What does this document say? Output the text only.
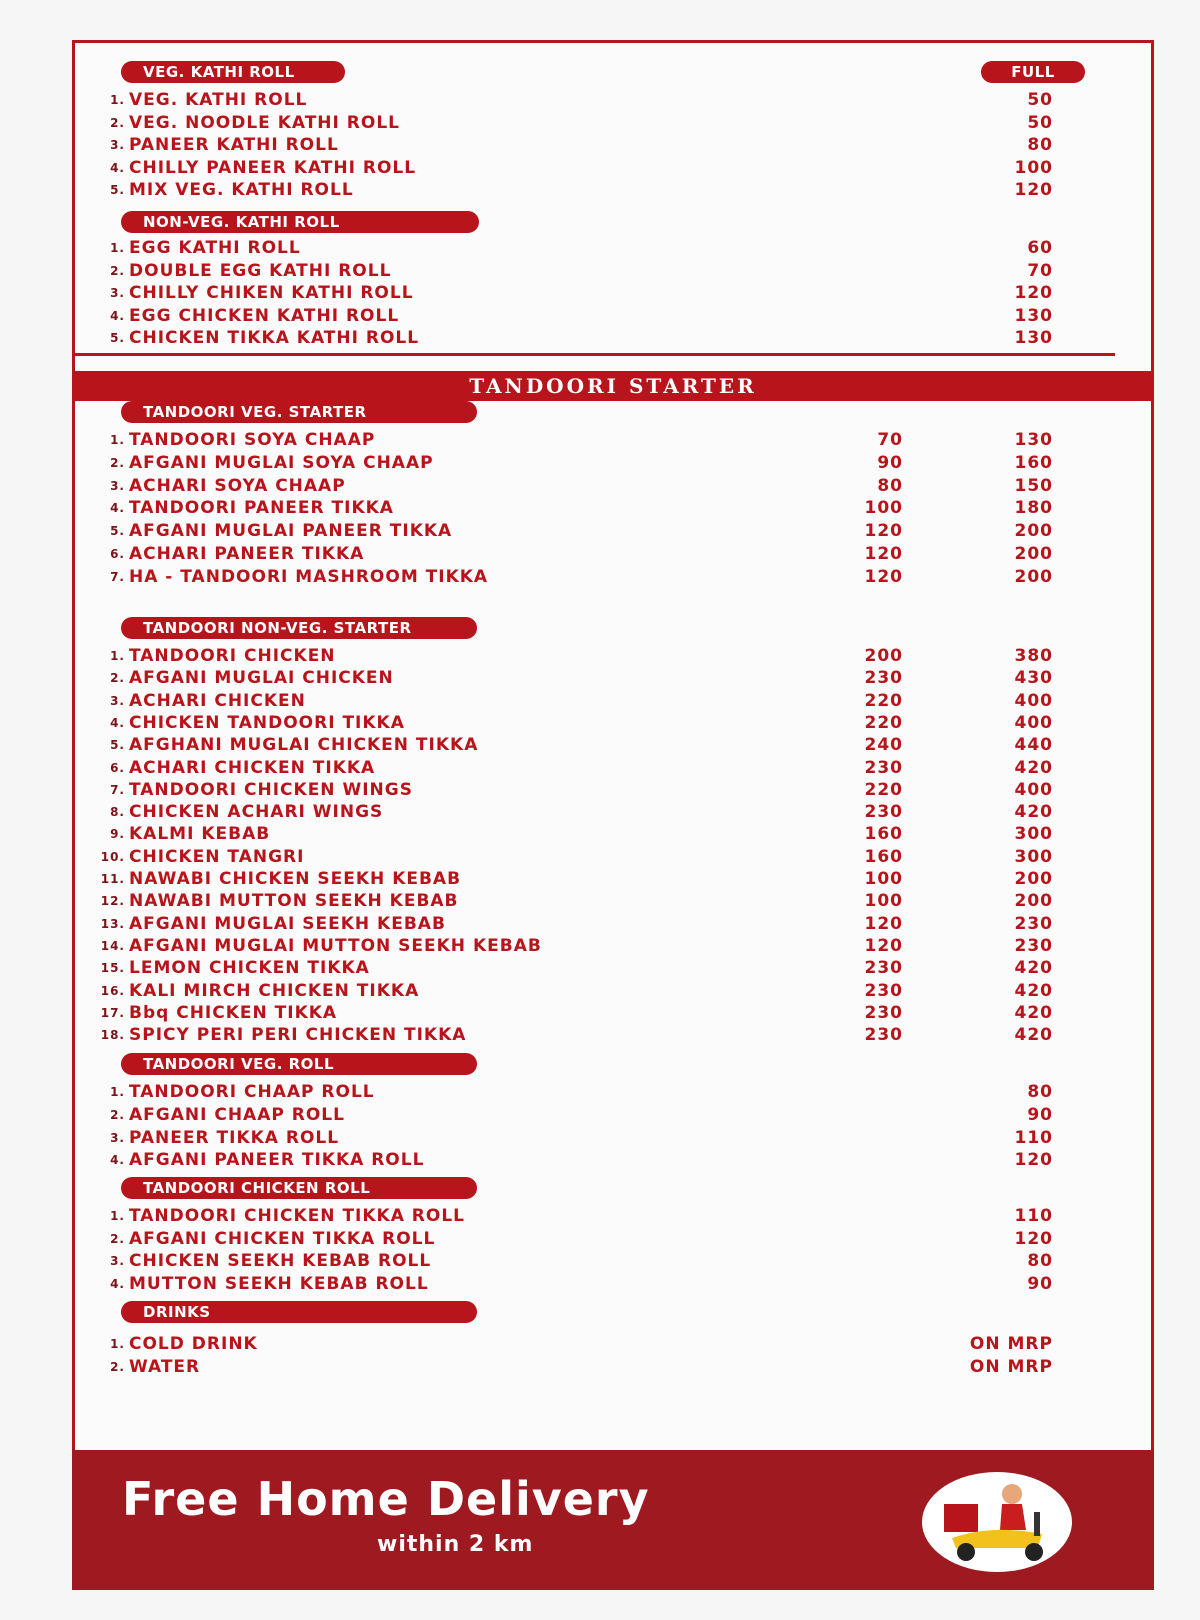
FULL
VEG. KATHI ROLL
1. VEG. KATHI ROLL	50
2. VEG. NOODLE KATHI ROLL	50
3. PANEER KATHI ROLL	80
4. CHILLY PANEER KATHI ROLL	100
5. MIX VEG. KATHI ROLL	120
NON-VEG. KATHI ROLL
1. EGG KATHI ROLL	60
2. DOUBLE EGG KATHI ROLL	70
3. CHILLY CHIKEN KATHI ROLL	120
4. EGG CHICKEN KATHI ROLL	130
5. CHICKEN TIKKA KATHI ROLL	130
TANDOORI VEG. STARTER
1. TANDOORI SOYA CHAAP	70	130
2. AFGANI MUGLAI SOYA CHAAP	90	160
3. ACHARI SOYA CHAAP	80	150
4. TANDOORI PANEER TIKKA	100	180
5. AFGANI MUGLAI PANEER TIKKA	120	200
6. ACHARI PANEER TIKKA	120	200
7. HA - TANDOORI MASHROOM TIKKA	120	200
TANDOORI NON-VEG. STARTER
1. TANDOORI CHICKEN	200	380
2. AFGANI MUGLAI CHICKEN	230	430
3. ACHARI CHICKEN	220	400
4. CHICKEN TANDOORI TIKKA	220	400
5. AFGHANI MUGLAI CHICKEN TIKKA	240	440
6. ACHARI CHICKEN TIKKA	230	420
7. TANDOORI CHICKEN WINGS	220	400
8. CHICKEN ACHARI WINGS	230	420
9. KALMI KEBAB	160	300
10. CHICKEN TANGRI	160	300
11. NAWABI CHICKEN SEEKH KEBAB	100	200
12. NAWABI MUTTON SEEKH KEBAB	100	200
13. AFGANI MUGLAI SEEKH KEBAB	120	230
14. AFGANI MUGLAI MUTTON SEEKH KEBAB	120	230
15. LEMON CHICKEN TIKKA	230	420
16. KALI MIRCH CHICKEN TIKKA	230	420
17. Bbq CHICKEN TIKKA	230	420
18. SPICY PERI PERI CHICKEN TIKKA	230	420
TANDOORI VEG. ROLL
1. TANDOORI CHAAP ROLL	80
2. AFGANI CHAAP ROLL	90
3. PANEER TIKKA ROLL	110
4. AFGANI PANEER TIKKA ROLL	120
TANDOORI CHICKEN ROLL
1. TANDOORI CHICKEN TIKKA ROLL	110
2. AFGANI CHICKEN TIKKA ROLL	120
3. CHICKEN SEEKH KEBAB ROLL	80
4. MUTTON SEEKH KEBAB ROLL	90
DRINKS
1. COLD DRINK	ON MRP
2. WATER	ON MRP
TANDOORI STARTER
Free Home Delivery
within 2 km
